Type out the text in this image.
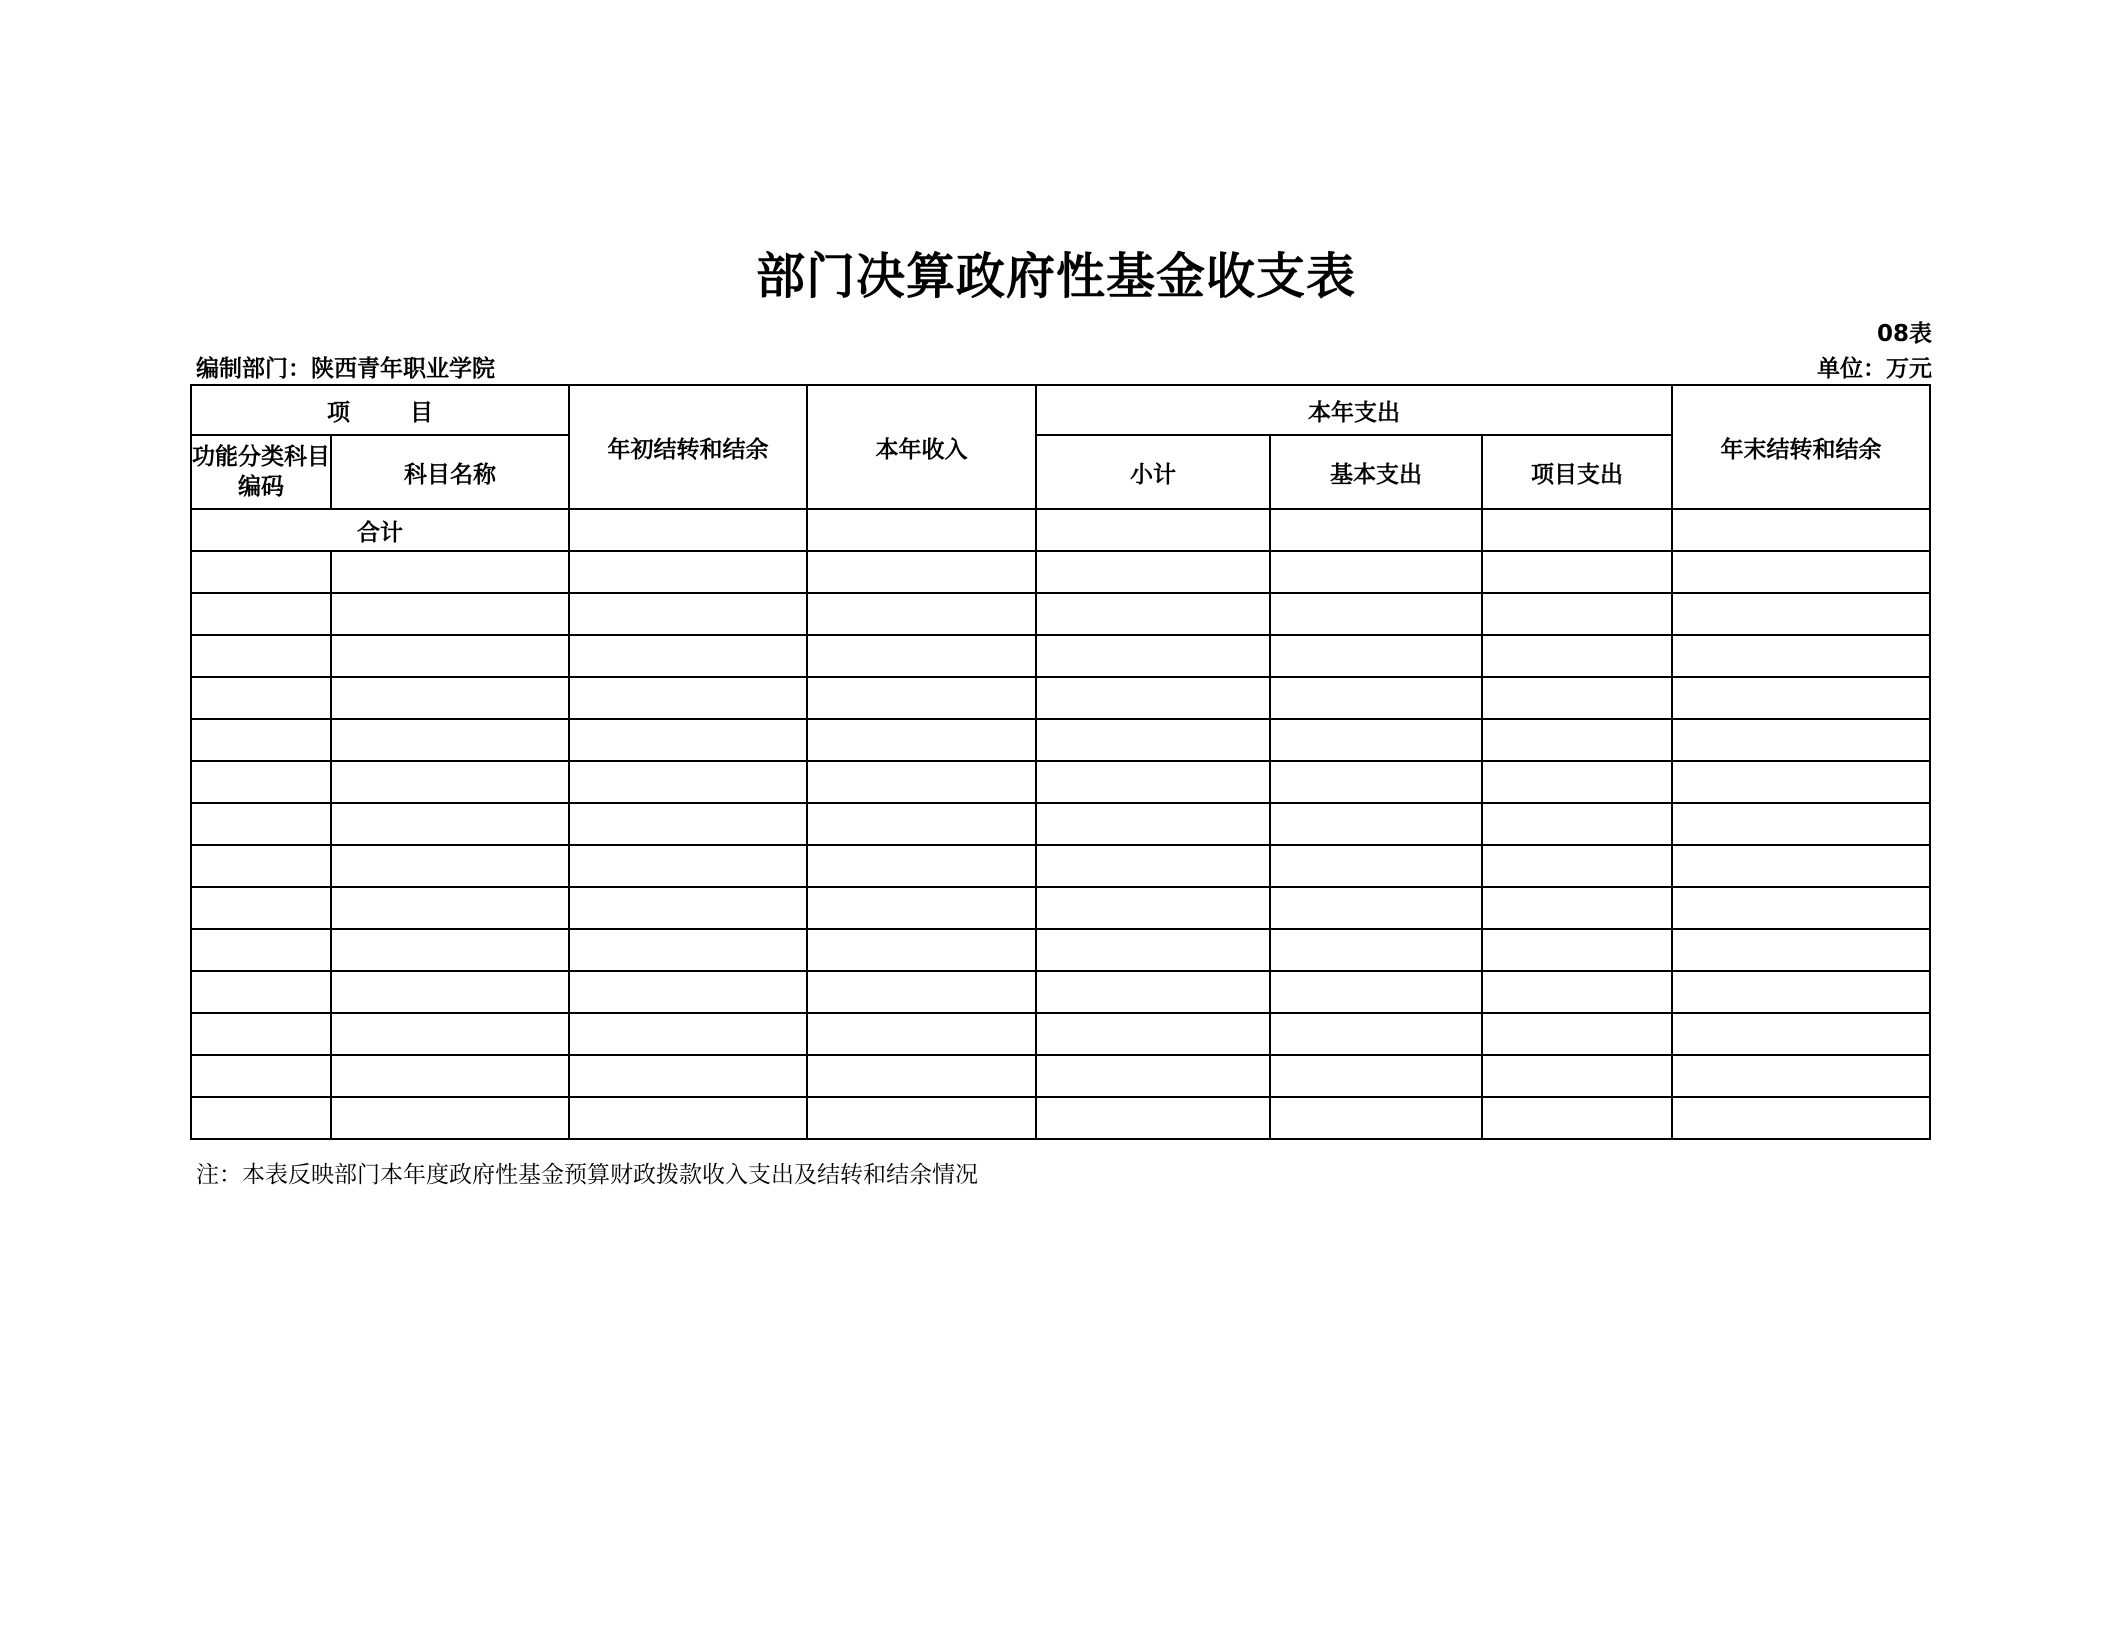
部门决算政府性基金收支表
08表
编制部门：陕西青年职业学院	单位：万元
项 目		年初结转和结余	本年收入	本年支出			年末结转和结余

功能分类科目编码	科目名称			小计	基本支出	项目支出	
合计							

注：本表反映部门本年度政府性基金预算财政拨款收入支出及结转和结余情况
